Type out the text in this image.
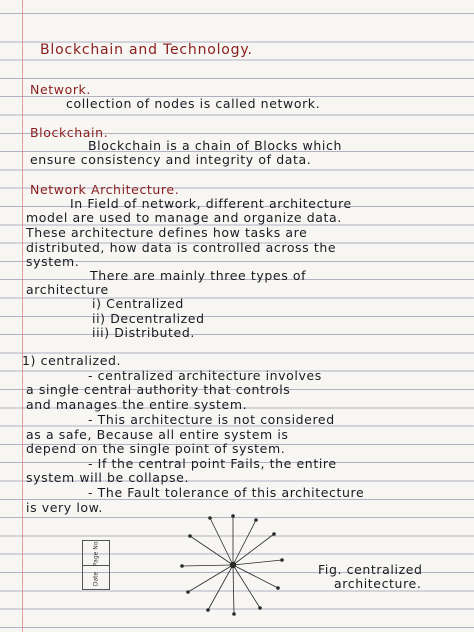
Blockchain and Technology.

Network.

collection of nodes is called network.

Blockchain.

Blockchain is a chain of Blocks which

ensure consistency and integrity of data.

Network Architecture.

In Field of network, different architecture

model are used to manage and organize data.

These architecture defines how tasks are

distributed, how data is controlled across the

system.

There are mainly three types of

architecture

i) Centralized

ii) Decentralized

iii) Distributed.

1) centralized.

- centralized architecture involves

a single central authority that controls

and manages the entire system.

- This architecture is not considered

as a safe, Because all entire system is

depend on the single point of system.

- If the central point Fails, the entire

system will be collapse.

- The Fault tolerance of this architecture

is very low.

Page No.
Date

Fig. centralized

architecture.
